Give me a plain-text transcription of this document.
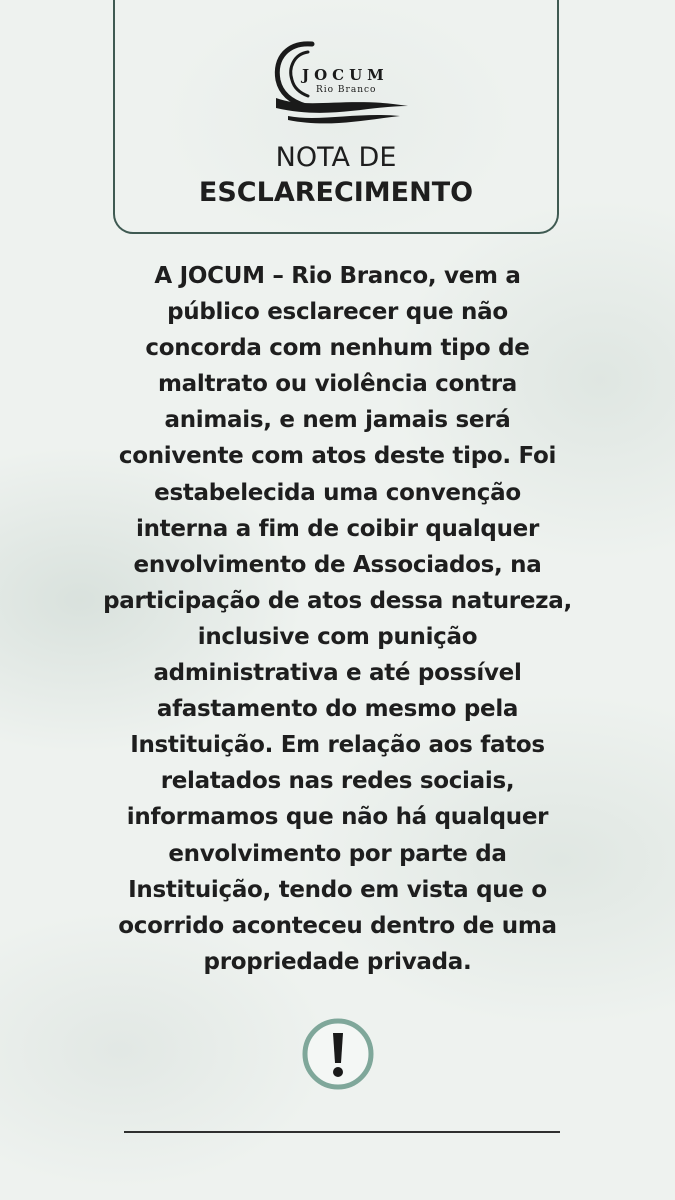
JOCUM
Rio Branco
NOTA DE
ESCLARECIMENTO
A JOCUM – Rio Branco, vem a
público esclarecer que não
concorda com nenhum tipo de
maltrato ou violência contra
animais, e nem jamais será
conivente com atos deste tipo. Foi
estabelecida uma convenção
interna a fim de coibir qualquer
envolvimento de Associados, na
participação de atos dessa natureza,
inclusive com punição
administrativa e até possível
afastamento do mesmo pela
Instituição. Em relação aos fatos
relatados nas redes sociais,
informamos que não há qualquer
envolvimento por parte da
Instituição, tendo em vista que o
ocorrido aconteceu dentro de uma
propriedade privada.
